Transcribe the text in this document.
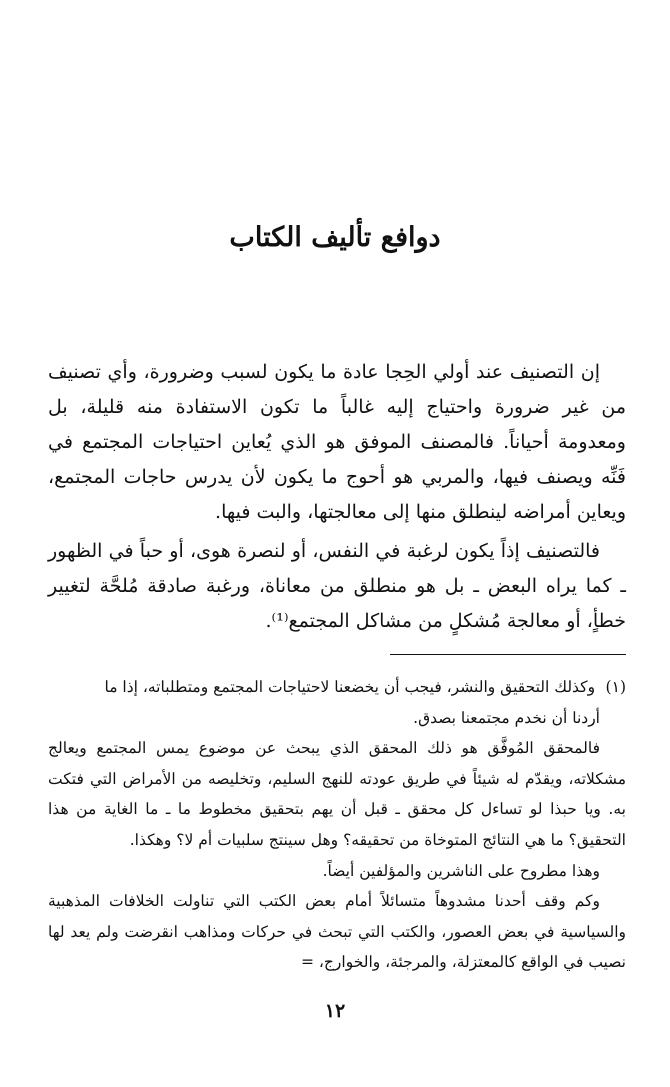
دوافع تأليف الكتاب

إن التصنيف عند أولي الحِجا عادة ما يكون لسبب وضرورة، وأي تصنيف من غير ضرورة واحتياج إليه غالباً ما تكون الاستفادة منه قليلة، بل ومعدومة أحياناً. فالمصنف الموفق هو الذي يُعاين احتياجات المجتمع في فَنِّه ويصنف فيها، والمربي هو أحوج ما يكون لأن يدرس حاجات المجتمع، ويعاين أمراضه لينطلق منها إلى معالجتها، والبت فيها.

فالتصنيف إذاً يكون لرغبة في النفس، أو لنصرة هوى، أو حباً في الظهور ـ كما يراه البعض ـ بل هو منطلق من معاناة، ورغبة صادقة مُلحَّة لتغيير خطأٍ، أو معالجة مُشكلٍ من مشاكل المجتمع⁽¹⁾.

(١) وكذلك التحقيق والنشر، فيجب أن يخضعنا لاحتياجات المجتمع ومتطلباته، إذا ما

أردنا أن نخدم مجتمعنا بصدق.

فالمحقق المُوفَّق هو ذلك المحقق الذي يبحث عن موضوع يمس المجتمع ويعالج مشكلاته، ويقدّم له شيئاً في طريق عودته للنهج السليم، وتخليصه من الأمراض التي فتكت به. ويا حبذا لو تساءل كل محقق ـ قبل أن يهم بتحقيق مخطوط ما ـ ما الغاية من هذا التحقيق؟ ما هي النتائج المتوخاة من تحقيقه؟ وهل سينتج سلبيات أم لا؟ وهكذا.

وهذا مطروح على الناشرين والمؤلفين أيضاً.

وكم وقف أحدنا مشدوهاً متسائلاً أمام بعض الكتب التي تناولت الخلافات المذهبية والسياسية في بعض العصور، والكتب التي تبحث في حركات ومذاهب انقرضت ولم يعد لها نصيب في الواقع كالمعتزلة، والمرجئة، والخوارج، =

١٢
